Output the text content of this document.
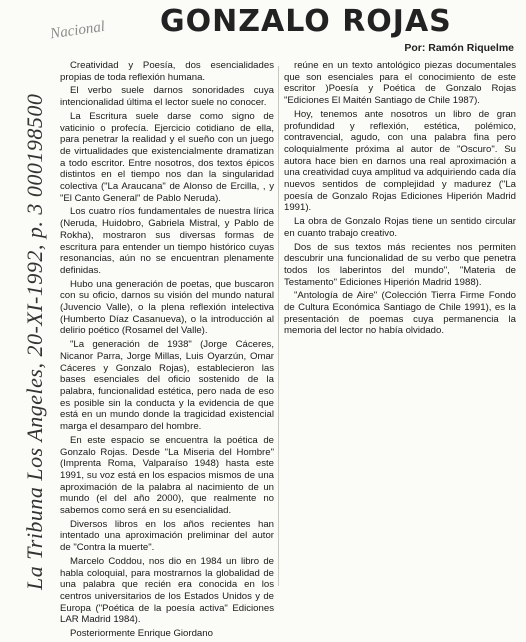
Nacional	GONZALO ROJAS
Por: Ramón Riquelme
La Tribuna Los Angeles, 20-XI-1992, p. 3 000198500

Creatividad y Poesía, dos esencialidades propias de toda reflexión humana.

El verbo suele darnos sonoridades cuya intencionalidad última el lector suele no conocer.

La Escritura suele darse como signo de vaticinio o profecía. Ejercicio cotidiano de ella, para penetrar la realidad y el sueño con un juego de virtualidades que existencialmente dramatizan a todo escritor. Entre nosotros, dos textos épicos distintos en el tiempo nos dan la singularidad colectiva ("La Araucana" de Alonso de Ercilla, , y "El Canto General" de Pablo Neruda).

Los cuatro ríos fundamentales de nuestra lírica (Neruda, Huidobro, Gabriela Mistral, y Pablo de Rokha), mostraron sus diversas formas de escritura para entender un tiempo histórico cuyas resonancias, aún no se encuentran plenamente definidas.

Hubo una generación de poetas, que buscaron con su oficio, darnos su visión del mundo natural (Juvencio Valle), o la plena reflexión intelectiva (Humberto Díaz Casanueva), o la introducción al delirio poético (Rosamel del Valle).

"La generación de 1938" (Jorge Cáceres, Nicanor Parra, Jorge Millas, Luis Oyarzún, Omar Cáceres y Gonzalo Rojas), establecieron las bases esenciales del oficio sostenido de la palabra, funcionalidad estética, pero nada de eso es posible sin la conducta y la evidencia de que está en un mundo donde la tragicidad existencial marga el desamparo del hombre.

En este espacio se encuentra la poética de Gonzalo Rojas. Desde "La Miseria del Hombre" (Imprenta Roma, Valparaíso 1948) hasta este 1991, su voz está en los espacios mismos de una aproximación de la palabra al nacimiento de un mundo (el del año 2000), que realmente no sabemos como será en su esencialidad.

Diversos libros en los años recientes han intentado una aproximación preliminar del autor de "Contra la muerte".

Marcelo Coddou, nos dio en 1984 un libro de habla coloquial, para mostrarnos la globalidad de una palabra que recién era conocida en los centros universitarios de los Estados Unidos y de Europa ("Poética de la poesía activa" Ediciones LAR Madrid 1984).

Posteriormente Enrique Giordano

reúne en un texto antológico piezas documentales que son esenciales para el conocimiento de este escritor )Poesía y Poética de Gonzalo Rojas "Ediciones El Maitén Santiago de Chile 1987).

Hoy, tenemos ante nosotros un libro de gran profundidad y reflexión, estética, polémico, contravencial, agudo, con una palabra fina pero coloquialmente próxima al autor de "Oscuro". Su autora hace bien en darnos una real aproximación a una creatividad cuya amplitud va adquiriendo cada día nuevos sentidos de complejidad y madurez ("La poesía de Gonzalo Rojas Ediciones Hiperión Madrid 1991).

La obra de Gonzalo Rojas tiene un sentido circular en cuanto trabajo creativo.

Dos de sus textos más recientes nos permiten descubrir una funcionalidad de su verbo que penetra todos los laberintos del mundo", "Materia de Testamento" Ediciones Hiperión Madrid 1988).

"Antología de Aire" (Colección Tierra Firme Fondo de Cultura Económica Santiago de Chile 1991), es la presentación de poemas cuya permanencia la memoria del lector no había olvidado.
